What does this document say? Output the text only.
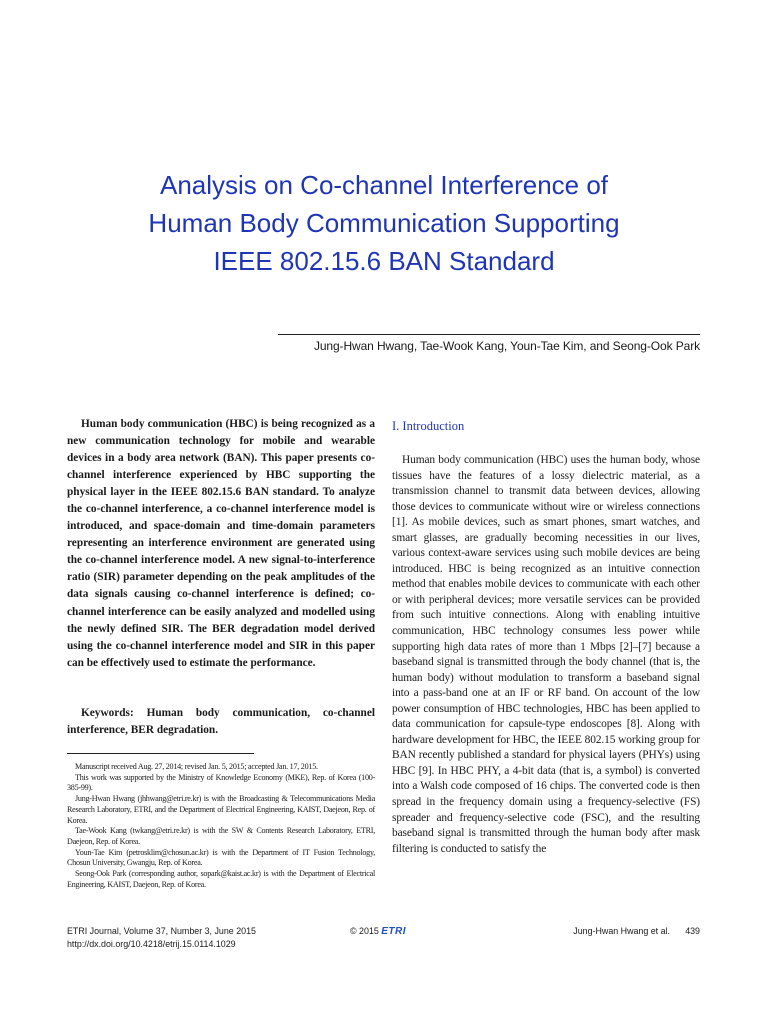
Analysis on Co-channel Interference of
Human Body Communication Supporting
IEEE 802.15.6 BAN Standard
Jung-Hwan Hwang, Tae-Wook Kang, Youn-Tae Kim, and Seong-Ook Park

Human body communication (HBC) is being recognized as a new communication technology for mobile and wearable devices in a body area network (BAN). This paper presents co-channel interference experienced by HBC supporting the physical layer in the IEEE 802.15.6 BAN standard. To analyze the co-channel interference, a co-channel interference model is introduced, and space-domain and time-domain parameters representing an interference environment are generated using the co-channel interference model. A new signal-to-interference ratio (SIR) parameter depending on the peak amplitudes of the data signals causing co-channel interference is defined; co-channel interference can be easily analyzed and modelled using the newly defined SIR. The BER degradation model derived using the co-channel interference model and SIR in this paper can be effectively used to estimate the performance.

Keywords: Human body communication, co-channel interference, BER degradation.

Manuscript received Aug. 27, 2014; revised Jan. 5, 2015; accepted Jan. 17, 2015.

This work was supported by the Ministry of Knowledge Economy (MKE), Rep. of Korea (100-385-99).

Jung-Hwan Hwang (jhhwang@etri.re.kr) is with the Broadcasting & Telecommunications Media Research Laboratory, ETRI, and the Department of Electrical Engineering, KAIST, Daejeon, Rep. of Korea.

Tae-Wook Kang (twkang@etri.re.kr) is with the SW & Contents Research Laboratory, ETRI, Daejeon, Rep. of Korea.

Youn-Tae Kim (petrosklim@chosun.ac.kr) is with the Department of IT Fusion Technology, Chosun University, Gwangju, Rep. of Korea.

Seong-Ook Park (corresponding author, sopark@kaist.ac.kr) is with the Department of Electrical Engineering, KAIST, Daejeon, Rep. of Korea.

I. Introduction

Human body communication (HBC) uses the human body, whose tissues have the features of a lossy dielectric material, as a transmission channel to transmit data between devices, allowing those devices to communicate without wire or wireless connections [1]. As mobile devices, such as smart phones, smart watches, and smart glasses, are gradually becoming necessities in our lives, various context-aware services using such mobile devices are being introduced. HBC is being recognized as an intuitive connection method that enables mobile devices to communicate with each other or with peripheral devices; more versatile services can be provided from such intuitive connections. Along with enabling intuitive communication, HBC technology consumes less power while supporting high data rates of more than 1 Mbps [2]–[7] because a baseband signal is transmitted through the body channel (that is, the human body) without modulation to transform a baseband signal into a pass-band one at an IF or RF band. On account of the low power consumption of HBC technologies, HBC has been applied to data communication for capsule-type endoscopes [8]. Along with hardware development for HBC, the IEEE 802.15 working group for BAN recently published a standard for physical layers (PHYs) using HBC [9]. In HBC PHY, a 4-bit data (that is, a symbol) is converted into a Walsh code composed of 16 chips. The converted code is then spread in the frequency domain using a frequency-selective (FS) spreader and frequency-selective code (FSC), and the resulting baseband signal is transmitted through the human body after mask filtering is conducted to satisfy the

ETRI Journal, Volume 37, Number 3, June 2015
http://dx.doi.org/10.4218/etrij.15.0114.1029
© 2015 ETRI	Jung-Hwan Hwang et al. 439
